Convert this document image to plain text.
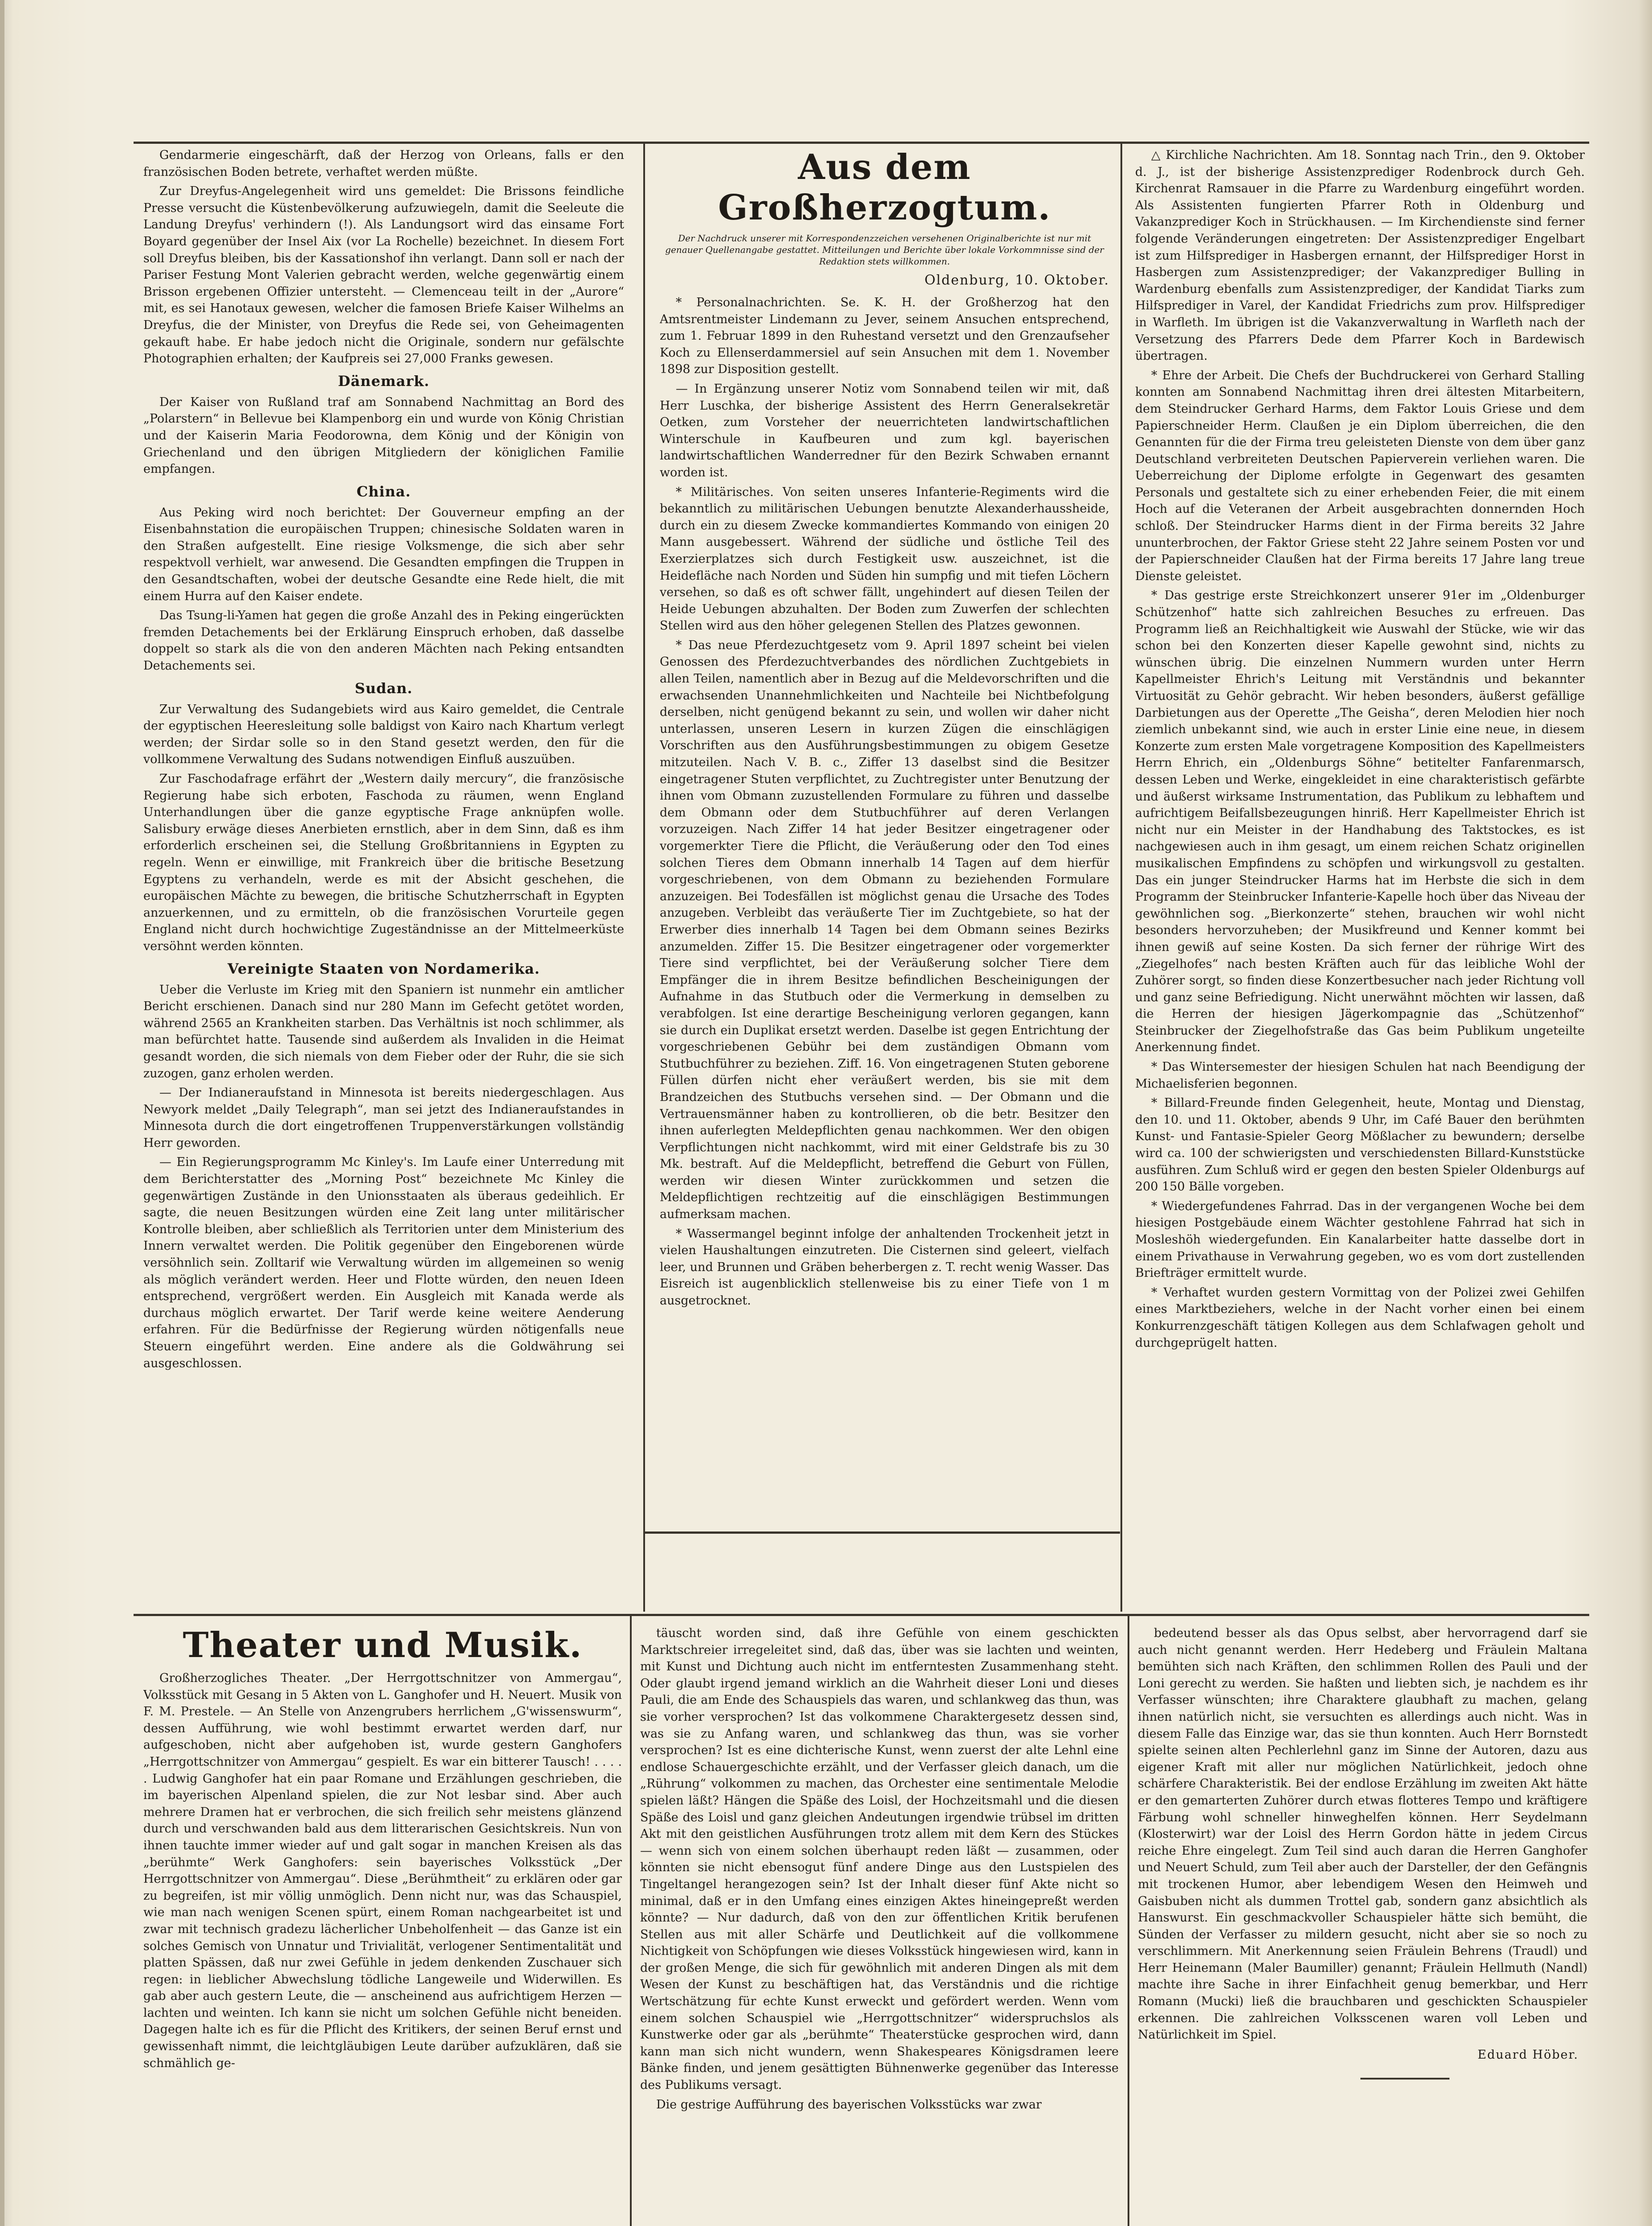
Gendarmerie eingeschärft, daß der Herzog von Orleans, falls er den französischen Boden betrete, verhaftet werden müßte.

Zur Dreyfus-Angelegenheit wird uns gemeldet: Die Brissons feindliche Presse versucht die Küstenbevölkerung aufzuwiegeln, damit die Seeleute die Landung Dreyfus' verhindern (!). Als Landungsort wird das einsame Fort Boyard gegenüber der Insel Aix (vor La Rochelle) bezeichnet. In diesem Fort soll Dreyfus bleiben, bis der Kassationshof ihn verlangt. Dann soll er nach der Pariser Festung Mont Valerien gebracht werden, welche gegenwärtig einem Brisson ergebenen Offizier untersteht. — Clemenceau teilt in der „Aurore“ mit, es sei Hanotaux gewesen, welcher die famosen Briefe Kaiser Wilhelms an Dreyfus, die der Minister, von Dreyfus die Rede sei, von Geheimagenten gekauft habe. Er habe jedoch nicht die Originale, sondern nur gefälschte Photographien erhalten; der Kaufpreis sei 27,000 Franks gewesen.

Dänemark.

Der Kaiser von Rußland traf am Sonnabend Nachmittag an Bord des „Polarstern“ in Bellevue bei Klampenborg ein und wurde von König Christian und der Kaiserin Maria Feodorowna, dem König und der Königin von Griechenland und den übrigen Mitgliedern der königlichen Familie empfangen.

China.

Aus Peking wird noch berichtet: Der Gouverneur empfing an der Eisenbahnstation die europäischen Truppen; chinesische Soldaten waren in den Straßen aufgestellt. Eine riesige Volksmenge, die sich aber sehr respektvoll verhielt, war anwesend. Die Gesandten empfingen die Truppen in den Gesandtschaften, wobei der deutsche Gesandte eine Rede hielt, die mit einem Hurra auf den Kaiser endete.

Das Tsung-li-Yamen hat gegen die große Anzahl des in Peking eingerückten fremden Detachements bei der Erklärung Einspruch erhoben, daß dasselbe doppelt so stark als die von den anderen Mächten nach Peking entsandten Detachements sei.

Sudan.

Zur Verwaltung des Sudangebiets wird aus Kairo gemeldet, die Centrale der egyptischen Heeresleitung solle baldigst von Kairo nach Khartum verlegt werden; der Sirdar solle so in den Stand gesetzt werden, den für die vollkommene Verwaltung des Sudans notwendigen Einfluß auszuüben.

Zur Faschodafrage erfährt der „Western daily mercury“, die französische Regierung habe sich erboten, Faschoda zu räumen, wenn England Unterhandlungen über die ganze egyptische Frage anknüpfen wolle. Salisbury erwäge dieses Anerbieten ernstlich, aber in dem Sinn, daß es ihm erforderlich erscheinen sei, die Stellung Großbritanniens in Egypten zu regeln. Wenn er einwillige, mit Frankreich über die britische Besetzung Egyptens zu verhandeln, werde es mit der Absicht geschehen, die europäischen Mächte zu bewegen, die britische Schutzherrschaft in Egypten anzuerkennen, und zu ermitteln, ob die französischen Vorurteile gegen England nicht durch hochwichtige Zugeständnisse an der Mittelmeerküste versöhnt werden könnten.

Vereinigte Staaten von Nordamerika.

Ueber die Verluste im Krieg mit den Spaniern ist nunmehr ein amtlicher Bericht erschienen. Danach sind nur 280 Mann im Gefecht getötet worden, während 2565 an Krankheiten starben. Das Verhältnis ist noch schlimmer, als man befürchtet hatte. Tausende sind außerdem als Invaliden in die Heimat gesandt worden, die sich niemals von dem Fieber oder der Ruhr, die sie sich zuzogen, ganz erholen werden.

— Der Indianeraufstand in Minnesota ist bereits niedergeschlagen. Aus Newyork meldet „Daily Telegraph“, man sei jetzt des Indianeraufstandes in Minnesota durch die dort eingetroffenen Truppenverstärkungen vollständig Herr geworden.

— Ein Regierungsprogramm Mc Kinley's. Im Laufe einer Unterredung mit dem Berichterstatter des „Morning Post“ bezeichnete Mc Kinley die gegenwärtigen Zustände in den Unionsstaaten als überaus gedeihlich. Er sagte, die neuen Besitzungen würden eine Zeit lang unter militärischer Kontrolle bleiben, aber schließlich als Territorien unter dem Ministerium des Innern verwaltet werden. Die Politik gegenüber den Eingeborenen würde versöhnlich sein. Zolltarif wie Verwaltung würden im allgemeinen so wenig als möglich verändert werden. Heer und Flotte würden, den neuen Ideen entsprechend, vergrößert werden. Ein Ausgleich mit Kanada werde als durchaus möglich erwartet. Der Tarif werde keine weitere Aenderung erfahren. Für die Bedürfnisse der Regierung würden nötigenfalls neue Steuern eingeführt werden. Eine andere als die Goldwährung sei ausgeschlossen.

Aus dem Großherzogtum.
Der Nachdruck unserer mit Korrespondenzzeichen versehenen Originalberichte ist nur mit genauer Quellenangabe gestattet. Mitteilungen und Berichte über lokale Vorkommnisse sind der Redaktion stets willkommen.
Oldenburg, 10. Oktober.

* Personalnachrichten. Se. K. H. der Großherzog hat den Amtsrentmeister Lindemann zu Jever, seinem Ansuchen entsprechend, zum 1. Februar 1899 in den Ruhestand versetzt und den Grenzaufseher Koch zu Ellenserdammersiel auf sein Ansuchen mit dem 1. November 1898 zur Disposition gestellt.

— In Ergänzung unserer Notiz vom Sonnabend teilen wir mit, daß Herr Luschka, der bisherige Assistent des Herrn Generalsekretär Oetken, zum Vorsteher der neuerrichteten landwirtschaftlichen Winterschule in Kaufbeuren und zum kgl. bayerischen landwirtschaftlichen Wanderredner für den Bezirk Schwaben ernannt worden ist.

* Militärisches. Von seiten unseres Infanterie-Regiments wird die bekanntlich zu militärischen Uebungen benutzte Alexanderhaussheide, durch ein zu diesem Zwecke kommandiertes Kommando von einigen 20 Mann ausgebessert. Während der südliche und östliche Teil des Exerzierplatzes sich durch Festigkeit usw. auszeichnet, ist die Heidefläche nach Norden und Süden hin sumpfig und mit tiefen Löchern versehen, so daß es oft schwer fällt, ungehindert auf diesen Teilen der Heide Uebungen abzuhalten. Der Boden zum Zuwerfen der schlechten Stellen wird aus den höher gelegenen Stellen des Platzes gewonnen.

* Das neue Pferdezuchtgesetz vom 9. April 1897 scheint bei vielen Genossen des Pferdezuchtverbandes des nördlichen Zuchtgebiets in allen Teilen, namentlich aber in Bezug auf die Meldevorschriften und die erwachsenden Unannehmlichkeiten und Nachteile bei Nichtbefolgung derselben, nicht genügend bekannt zu sein, und wollen wir daher nicht unterlassen, unseren Lesern in kurzen Zügen die einschlägigen Vorschriften aus den Ausführungsbestimmungen zu obigem Gesetze mitzuteilen. Nach V. B. c., Ziffer 13 daselbst sind die Besitzer eingetragener Stuten verpflichtet, zu Zuchtregister unter Benutzung der ihnen vom Obmann zuzustellenden Formulare zu führen und dasselbe dem Obmann oder dem Stutbuchführer auf deren Verlangen vorzuzeigen. Nach Ziffer 14 hat jeder Besitzer eingetragener oder vorgemerkter Tiere die Pflicht, die Veräußerung oder den Tod eines solchen Tieres dem Obmann innerhalb 14 Tagen auf dem hierfür vorgeschriebenen, von dem Obmann zu beziehenden Formulare anzuzeigen. Bei Todesfällen ist möglichst genau die Ursache des Todes anzugeben. Verbleibt das veräußerte Tier im Zuchtgebiete, so hat der Erwerber dies innerhalb 14 Tagen bei dem Obmann seines Bezirks anzumelden. Ziffer 15. Die Besitzer eingetragener oder vorgemerkter Tiere sind verpflichtet, bei der Veräußerung solcher Tiere dem Empfänger die in ihrem Besitze befindlichen Bescheinigungen der Aufnahme in das Stutbuch oder die Vermerkung in demselben zu verabfolgen. Ist eine derartige Bescheinigung verloren gegangen, kann sie durch ein Duplikat ersetzt werden. Daselbe ist gegen Entrichtung der vorgeschriebenen Gebühr bei dem zuständigen Obmann vom Stutbuchführer zu beziehen. Ziff. 16. Von eingetragenen Stuten geborene Füllen dürfen nicht eher veräußert werden, bis sie mit dem Brandzeichen des Stutbuchs versehen sind. — Der Obmann und die Vertrauensmänner haben zu kontrollieren, ob die betr. Besitzer den ihnen auferlegten Meldepflichten genau nachkommen. Wer den obigen Verpflichtungen nicht nachkommt, wird mit einer Geldstrafe bis zu 30 Mk. bestraft. Auf die Meldepflicht, betreffend die Geburt von Füllen, werden wir diesen Winter zurückkommen und setzen die Meldepflichtigen rechtzeitig auf die einschlägigen Bestimmungen aufmerksam machen.

* Wassermangel beginnt infolge der anhaltenden Trockenheit jetzt in vielen Haushaltungen einzutreten. Die Cisternen sind geleert, vielfach leer, und Brunnen und Gräben beherbergen z. T. recht wenig Wasser. Das Eisreich ist augenblicklich stellenweise bis zu einer Tiefe von 1 m ausgetrocknet.

△ Kirchliche Nachrichten. Am 18. Sonntag nach Trin., den 9. Oktober d. J., ist der bisherige Assistenzprediger Rodenbrock durch Geh. Kirchenrat Ramsauer in die Pfarre zu Wardenburg eingeführt worden. Als Assistenten fungierten Pfarrer Roth in Oldenburg und Vakanzprediger Koch in Strückhausen. — Im Kirchendienste sind ferner folgende Veränderungen eingetreten: Der Assistenzprediger Engelbart ist zum Hilfsprediger in Hasbergen ernannt, der Hilfsprediger Horst in Hasbergen zum Assistenzprediger; der Vakanzprediger Bulling in Wardenburg ebenfalls zum Assistenzprediger, der Kandidat Tiarks zum Hilfsprediger in Varel, der Kandidat Friedrichs zum prov. Hilfsprediger in Warfleth. Im übrigen ist die Vakanzverwaltung in Warfleth nach der Versetzung des Pfarrers Dede dem Pfarrer Koch in Bardewisch übertragen.

* Ehre der Arbeit. Die Chefs der Buchdruckerei von Gerhard Stalling konnten am Sonnabend Nachmittag ihren drei ältesten Mitarbeitern, dem Steindrucker Gerhard Harms, dem Faktor Louis Griese und dem Papierschneider Herm. Claußen je ein Diplom überreichen, die den Genannten für die der Firma treu geleisteten Dienste von dem über ganz Deutschland verbreiteten Deutschen Papierverein verliehen waren. Die Ueberreichung der Diplome erfolgte in Gegenwart des gesamten Personals und gestaltete sich zu einer erhebenden Feier, die mit einem Hoch auf die Veteranen der Arbeit ausgebrachten donnernden Hoch schloß. Der Steindrucker Harms dient in der Firma bereits 32 Jahre ununterbrochen, der Faktor Griese steht 22 Jahre seinem Posten vor und der Papierschneider Claußen hat der Firma bereits 17 Jahre lang treue Dienste geleistet.

* Das gestrige erste Streichkonzert unserer 91er im „Oldenburger Schützenhof“ hatte sich zahlreichen Besuches zu erfreuen. Das Programm ließ an Reichhaltigkeit wie Auswahl der Stücke, wie wir das schon bei den Konzerten dieser Kapelle gewohnt sind, nichts zu wünschen übrig. Die einzelnen Nummern wurden unter Herrn Kapellmeister Ehrich's Leitung mit Verständnis und bekannter Virtuosität zu Gehör gebracht. Wir heben besonders, äußerst gefällige Darbietungen aus der Operette „The Geisha“, deren Melodien hier noch ziemlich unbekannt sind, wie auch in erster Linie eine neue, in diesem Konzerte zum ersten Male vorgetragene Komposition des Kapellmeisters Herrn Ehrich, ein „Oldenburgs Söhne“ betitelter Fanfarenmarsch, dessen Leben und Werke, eingekleidet in eine charakteristisch gefärbte und äußerst wirksame Instrumentation, das Publikum zu lebhaftem und aufrichtigem Beifallsbezeugungen hinriß. Herr Kapellmeister Ehrich ist nicht nur ein Meister in der Handhabung des Taktstockes, es ist nachgewiesen auch in ihm gesagt, um einem reichen Schatz originellen musikalischen Empfindens zu schöpfen und wirkungsvoll zu gestalten. Das ein junger Steindrucker Harms hat im Herbste die sich in dem Programm der Steinbrucker Infanterie-Kapelle hoch über das Niveau der gewöhnlichen sog. „Bierkonzerte“ stehen, brauchen wir wohl nicht besonders hervorzuheben; der Musikfreund und Kenner kommt bei ihnen gewiß auf seine Kosten. Da sich ferner der rührige Wirt des „Ziegelhofes“ nach besten Kräften auch für das leibliche Wohl der Zuhörer sorgt, so finden diese Konzertbesucher nach jeder Richtung voll und ganz seine Befriedigung. Nicht unerwähnt möchten wir lassen, daß die Herren der hiesigen Jägerkompagnie das „Schützenhof“ Steinbrucker der Ziegelhofstraße das Gas beim Publikum ungeteilte Anerkennung findet.

* Das Wintersemester der hiesigen Schulen hat nach Beendigung der Michaelisferien begonnen.

* Billard-Freunde finden Gelegenheit, heute, Montag und Dienstag, den 10. und 11. Oktober, abends 9 Uhr, im Café Bauer den berühmten Kunst- und Fantasie-Spieler Georg Mößlacher zu bewundern; derselbe wird ca. 100 der schwierigsten und verschiedensten Billard-Kunststücke ausführen. Zum Schluß wird er gegen den besten Spieler Oldenburgs auf 200 150 Bälle vorgeben.

* Wiedergefundenes Fahrrad. Das in der vergangenen Woche bei dem hiesigen Postgebäude einem Wächter gestohlene Fahrrad hat sich in Mosleshöh wiedergefunden. Ein Kanalarbeiter hatte dasselbe dort in einem Privathause in Verwahrung gegeben, wo es vom dort zustellenden Briefträger ermittelt wurde.

* Verhaftet wurden gestern Vormittag von der Polizei zwei Gehilfen eines Marktbeziehers, welche in der Nacht vorher einen bei einem Konkurrenzgeschäft tätigen Kollegen aus dem Schlafwagen geholt und durchgeprügelt hatten.

Theater und Musik.

Großherzogliches Theater. „Der Herrgottschnitzer von Ammergau“, Volksstück mit Gesang in 5 Akten von L. Ganghofer und H. Neuert. Musik von F. M. Prestele. — An Stelle von Anzengrubers herrlichem „G'wissenswurm“, dessen Aufführung, wie wohl bestimmt erwartet werden darf, nur aufgeschoben, nicht aber aufgehoben ist, wurde gestern Ganghofers „Herrgottschnitzer von Ammergau“ gespielt. Es war ein bitterer Tausch! . . . . . Ludwig Ganghofer hat ein paar Romane und Erzählungen geschrieben, die im bayerischen Alpenland spielen, die zur Not lesbar sind. Aber auch mehrere Dramen hat er verbrochen, die sich freilich sehr meistens glänzend durch und verschwanden bald aus dem litterarischen Gesichtskreis. Nun von ihnen tauchte immer wieder auf und galt sogar in manchen Kreisen als das „berühmte“ Werk Ganghofers: sein bayerisches Volksstück „Der Herrgottschnitzer von Ammergau“. Diese „Berühmtheit“ zu erklären oder gar zu begreifen, ist mir völlig unmöglich. Denn nicht nur, was das Schauspiel, wie man nach wenigen Scenen spürt, einem Roman nachgearbeitet ist und zwar mit technisch gradezu lächerlicher Unbeholfenheit — das Ganze ist ein solches Gemisch von Unnatur und Trivialität, verlogener Sentimentalität und platten Spässen, daß nur zwei Gefühle in jedem denkenden Zuschauer sich regen: in lieblicher Abwechslung tödliche Langeweile und Widerwillen. Es gab aber auch gestern Leute, die — anscheinend aus aufrichtigem Herzen — lachten und weinten. Ich kann sie nicht um solchen Gefühle nicht beneiden. Dagegen halte ich es für die Pflicht des Kritikers, der seinen Beruf ernst und gewissenhaft nimmt, die leichtgläubigen Leute darüber aufzuklären, daß sie schmählich ge-

täuscht worden sind, daß ihre Gefühle von einem geschickten Marktschreier irregeleitet sind, daß das, über was sie lachten und weinten, mit Kunst und Dichtung auch nicht im entferntesten Zusammenhang steht. Oder glaubt irgend jemand wirklich an die Wahrheit dieser Loni und dieses Pauli, die am Ende des Schauspiels das waren, und schlankweg das thun, was sie vorher versprochen? Ist das volkommene Charaktergesetz dessen sind, was sie zu Anfang waren, und schlankweg das thun, was sie vorher versprochen? Ist es eine dichterische Kunst, wenn zuerst der alte Lehnl eine endlose Schauergeschichte erzählt, und der Verfasser gleich danach, um die „Rührung“ volkommen zu machen, das Orchester eine sentimentale Melodie spielen läßt? Hängen die Späße des Loisl, der Hochzeitsmahl und die diesen Späße des Loisl und ganz gleichen Andeutungen irgendwie trübsel im dritten Akt mit den geistlichen Ausführungen trotz allem mit dem Kern des Stückes — wenn sich von einem solchen überhaupt reden läßt — zusammen, oder könnten sie nicht ebensogut fünf andere Dinge aus den Lustspielen des Tingeltangel herangezogen sein? Ist der Inhalt dieser fünf Akte nicht so minimal, daß er in den Umfang eines einzigen Aktes hineingepreßt werden könnte? — Nur dadurch, daß von den zur öffentlichen Kritik berufenen Stellen aus mit aller Schärfe und Deutlichkeit auf die vollkommene Nichtigkeit von Schöpfungen wie dieses Volksstück hingewiesen wird, kann in der großen Menge, die sich für gewöhnlich mit anderen Dingen als mit dem Wesen der Kunst zu beschäftigen hat, das Verständnis und die richtige Wertschätzung für echte Kunst erweckt und gefördert werden. Wenn vom einem solchen Schauspiel wie „Herrgottschnitzer“ widerspruchslos als Kunstwerke oder gar als „berühmte“ Theaterstücke gesprochen wird, dann kann man sich nicht wundern, wenn Shakespeares Königsdramen leere Bänke finden, und jenem gesättigten Bühnenwerke gegenüber das Interesse des Publikums versagt.

Die gestrige Aufführung des bayerischen Volksstücks war zwar

bedeutend besser als das Opus selbst, aber hervorragend darf sie auch nicht genannt werden. Herr Hedeberg und Fräulein Maltana bemühten sich nach Kräften, den schlimmen Rollen des Pauli und der Loni gerecht zu werden. Sie haßten und liebten sich, je nachdem es ihr Verfasser wünschten; ihre Charaktere glaubhaft zu machen, gelang ihnen natürlich nicht, sie versuchten es allerdings auch nicht. Was in diesem Falle das Einzige war, das sie thun konnten. Auch Herr Bornstedt spielte seinen alten Pechlerlehnl ganz im Sinne der Autoren, dazu aus eigener Kraft mit aller nur möglichen Natürlichkeit, jedoch ohne schärfere Charakteristik. Bei der endlose Erzählung im zweiten Akt hätte er den gemarterten Zuhörer durch etwas flotteres Tempo und kräftigere Färbung wohl schneller hinweghelfen können. Herr Seydelmann (Klosterwirt) war der Loisl des Herrn Gordon hätte in jedem Circus reiche Ehre eingelegt. Zum Teil sind auch daran die Herren Ganghofer und Neuert Schuld, zum Teil aber auch der Darsteller, der den Gefängnis mit trockenen Humor, aber lebendigem Wesen den Heimweh und Gaisbuben nicht als dummen Trottel gab, sondern ganz absichtlich als Hanswurst. Ein geschmackvoller Schauspieler hätte sich bemüht, die Sünden der Verfasser zu mildern gesucht, nicht aber sie so noch zu verschlimmern. Mit Anerkennung seien Fräulein Behrens (Traudl) und Herr Heinemann (Maler Baumiller) genannt; Fräulein Hellmuth (Nandl) machte ihre Sache in ihrer Einfachheit genug bemerkbar, und Herr Romann (Mucki) ließ die brauchbaren und geschickten Schauspieler erkennen. Die zahlreichen Volksscenen waren voll Leben und Natürlichkeit im Spiel.

Eduard Höber.
